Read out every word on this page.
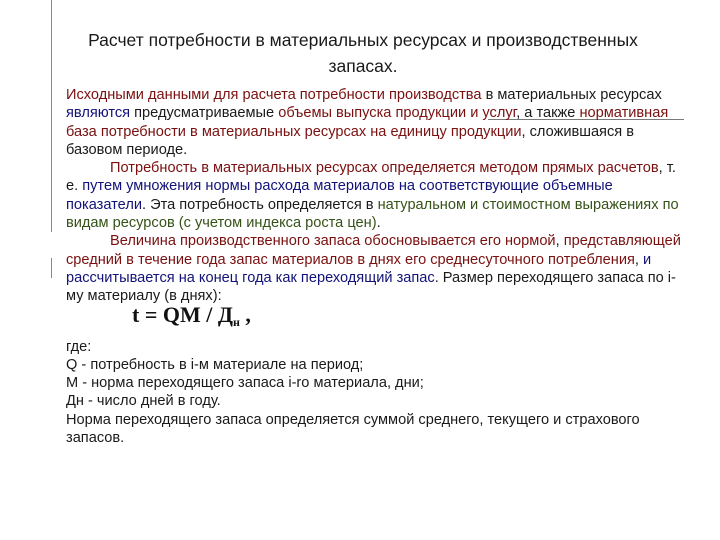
Расчет потребности в материальных ресурсах и производственных
запасах.

Исходными данными для расчета потребности производства в материальных ресурсах являются предусматриваемые объемы выпуска продукции и услуг, а также нормативная база потребности в материальных ресурсах на единицу продукции, сложившаяся в базовом периоде.

Потребность в материальных ресурсах определяется методом прямых расчетов, т. е. путем умножения нормы расхода материалов на соответствующие объемные показатели. Эта потребность определяется в натуральном и стоимостном выражениях по видам ресурсов (с учетом индекса роста цен).

Величина производственного запаса обосновывается его нормой, представляющей средний в течение года запас материалов в днях его среднесуточного потребления, и рассчитывается на конец года как переходящий запас. Размер переходящего запаса по i-му материалу (в днях):

t = QM / $Д_н$ ,

где:

Q - потребность в i-м материале на период;

М - норма переходящего запаса i-ro материала, дни;

Дн - число дней в году.

Норма переходящего запаса определяется суммой среднего, текущего и страхового запасов.
